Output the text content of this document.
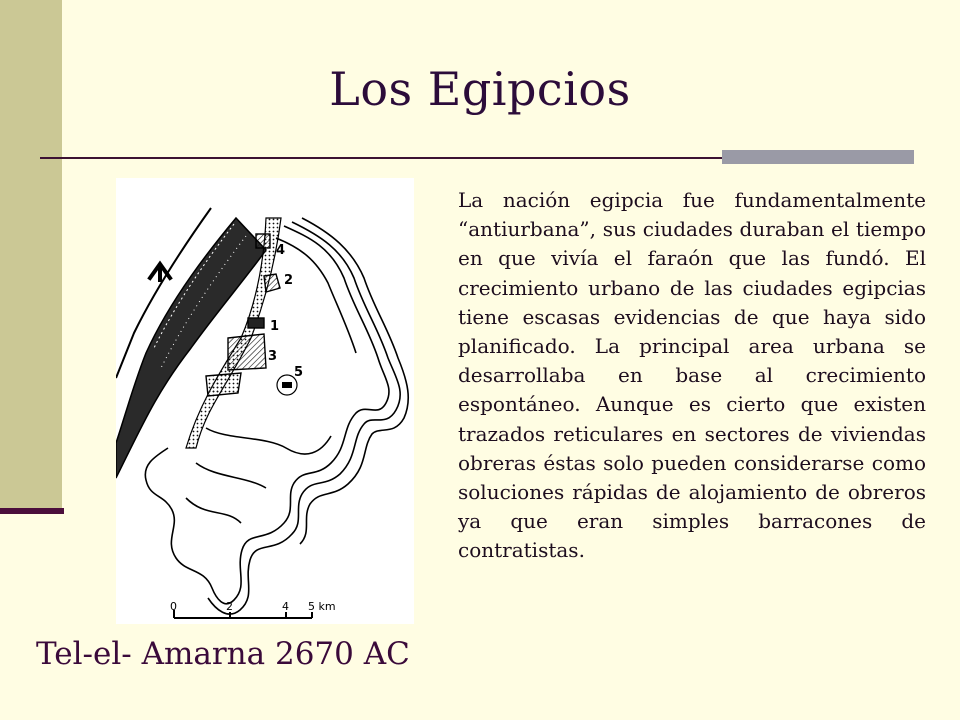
Los Egipcios
4
2
1
3
5
0	2	4 5 km
La nación egipcia fue fundamentalmente “antiurbana”, sus ciudades duraban el tiempo en que vivía el faraón que las fundó. El crecimiento urbano de las ciudades egipcias tiene escasas evidencias de que haya sido planificado. La principal area urbana se desarrollaba en base al crecimiento espontáneo. Aunque es cierto que existen trazados reticulares en sectores de viviendas obreras éstas solo pueden considerarse como soluciones rápidas de alojamiento de obreros ya que eran simples barracones de contratistas.
Tel-el- Amarna 2670 AC
